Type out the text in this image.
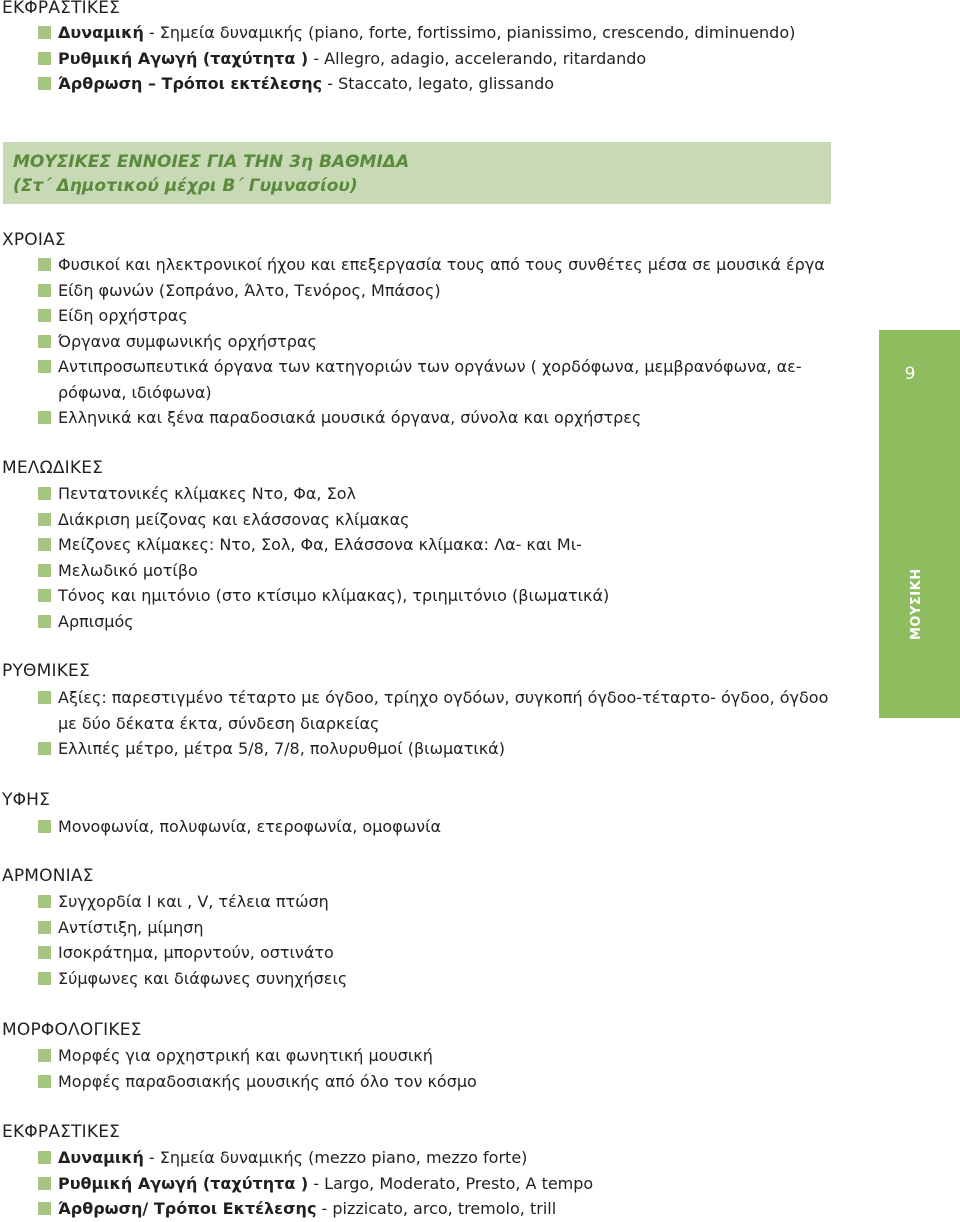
ΕΚΦΡΑΣΤΙΚΕΣ
Δυναμική - Σημεία δυναμικής (piano, forte, fortissimo, pianissimo, crescendo, diminuendo)
Ρυθμική Αγωγή (ταχύτητα ) - Allegro, adagio, accelerando, ritardando
Άρθρωση – Τρόποι εκτέλεσης - Staccato, legato, glissando
ΜΟΥΣΙΚΕΣ ΕΝΝΟΙΕΣ ΓΙΑ ΤΗΝ 3η ΒΑΘΜΙΔΑ
(Στ΄ Δημοτικού μέχρι Β΄ Γυμνασίου)
ΧΡΟΙΑΣ
Φυσικοί και ηλεκτρονικοί ήχου και επεξεργασία τους από τους συνθέτες μέσα σε μουσικά έργα
Είδη φωνών (Σοπράνο, Άλτο, Τενόρος, Μπάσος)
Είδη ορχήστρας
Όργανα συμφωνικής ορχήστρας
Αντιπροσωπευτικά όργανα των κατηγοριών των οργάνων ( χορδόφωνα, μεμβρανόφωνα, αε-ρόφωνα, ιδιόφωνα)
Ελληνικά και ξένα παραδοσιακά μουσικά όργανα, σύνολα και ορχήστρες
ΜΕΛΩΔΙΚΕΣ
Πεντατονικές κλίμακες Ντο, Φα, Σολ
Διάκριση μείζονας και ελάσσονας κλίμακας
Μείζονες κλίμακες: Ντο, Σολ, Φα, Ελάσσονα κλίμακα: Λα- και Μι-
Μελωδικό μοτίβο
Τόνος και ημιτόνιο (στο κτίσιμο κλίμακας), τριημιτόνιο (βιωματικά)
Αρπισμός
ΡΥΘΜΙΚΕΣ
Αξίες: παρεστιγμένο τέταρτο με όγδοο, τρίηχο ογδόων, συγκοπή όγδοο-τέταρτο- όγδοο, όγδοο με δύο δέκατα έκτα, σύνδεση διαρκείας
Ελλιπές μέτρο, μέτρα 5/8, 7/8, πολυρυθμοί (βιωματικά)
ΥΦΗΣ
Μονοφωνία, πολυφωνία, ετεροφωνία, ομοφωνία
ΑΡΜΟΝΙΑΣ
Συγχορδία I και , V, τέλεια πτώση
Αντίστιξη, μίμηση
Ισοκράτημα, μπορντούν, οστινάτο
Σύμφωνες και διάφωνες συνηχήσεις
ΜΟΡΦΟΛΟΓΙΚΕΣ
Μορφές για ορχηστρική και φωνητική μουσική
Μορφές παραδοσιακής μουσικής από όλο τον κόσμο
ΕΚΦΡΑΣΤΙΚΕΣ
Δυναμική - Σημεία δυναμικής (mezzo piano, mezzo forte)
Ρυθμική Αγωγή (ταχύτητα ) - Largo, Moderato, Presto, A tempo
Άρθρωση/ Τρόποι Εκτέλεσης - pizzicato, arco, tremolo, trill
9
ΜΟΥΣΙΚΗ
